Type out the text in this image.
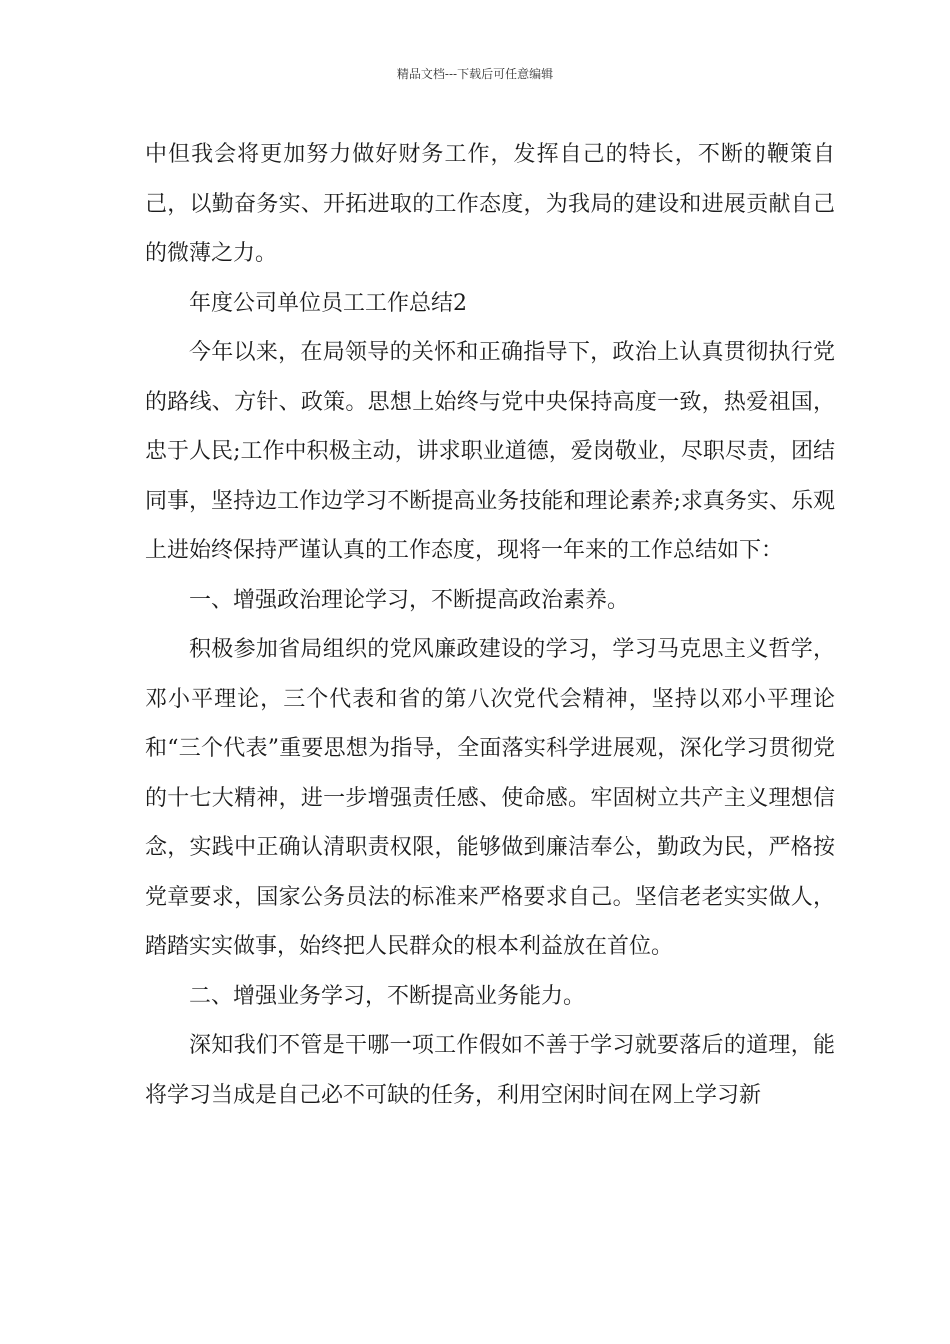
精品文档---下载后可任意编辑

中但我会将更加努力做好财务工作，发挥自己的特长，不断的鞭策自己，以勤奋务实、开拓进取的工作态度，为我局的建设和进展贡献自己的微薄之力。

年度公司单位员工工作总结2

今年以来，在局领导的关怀和正确指导下，政治上认真贯彻执行党的路线、方针、政策。思想上始终与党中央保持高度一致，热爱祖国，忠于人民;工作中积极主动，讲求职业道德，爱岗敬业，尽职尽责，团结同事，坚持边工作边学习不断提高业务技能和理论素养;求真务实、乐观上进始终保持严谨认真的工作态度，现将一年来的工作总结如下：

一、增强政治理论学习，不断提高政治素养。

积极参加省局组织的党风廉政建设的学习，学习马克思主义哲学，邓小平理论，三个代表和省的第八次党代会精神，坚持以邓小平理论和“三个代表”重要思想为指导，全面落实科学进展观，深化学习贯彻党的十七大精神，进一步增强责任感、使命感。牢固树立共产主义理想信念，实践中正确认清职责权限，能够做到廉洁奉公，勤政为民，严格按党章要求，国家公务员法的标准来严格要求自己。坚信老老实实做人，踏踏实实做事，始终把人民群众的根本利益放在首位。

二、增强业务学习，不断提高业务能力。

深知我们不管是干哪一项工作假如不善于学习就要落后的道理，能将学习当成是自己必不可缺的任务，利用空闲时间在网上学习新
